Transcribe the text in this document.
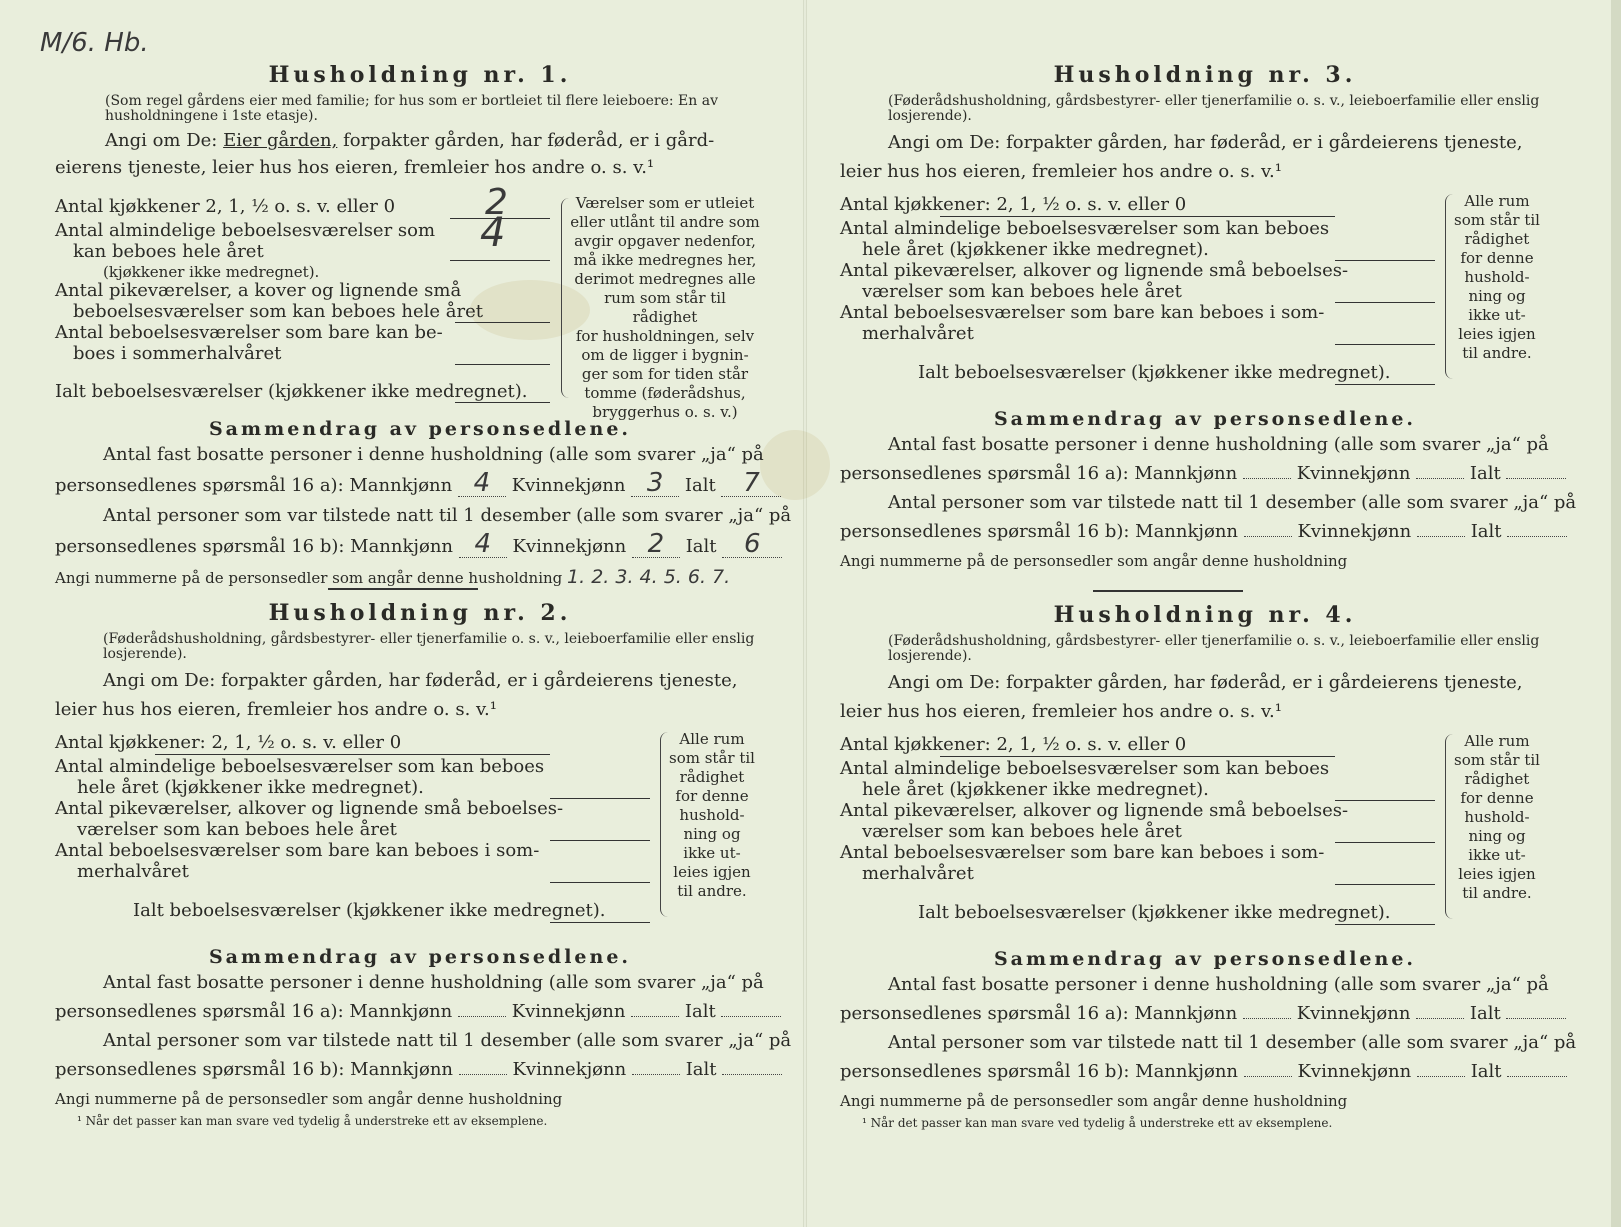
M/6. Hb.

Husholdning nr. 1.

(Som regel gårdens eier med familie; for hus som er bortleiet til flere leieboere: En av husholdningene i 1ste etasje).

Angi om De: Eier gården, forpakter gården, har føderåd, er i gård-

eierens tjeneste, leier hus hos eieren, fremleier hos andre o. s. v.¹

Antal kjøkkener 2, 1, ½ o. s. v. eller 0 2

Antal almindelige beboelsesværelser som

kan beboes hele året

(kjøkkener ikke medregnet).

4

Antal pikeværelser, a kover og lignende små

beboelsesværelser som kan beboes hele året

Antal beboelsesværelser som bare kan be-

boes i sommerhalvåret

Ialt beboelsesværelser (kjøkkener ikke medregnet).

Værelser som er utleiet
eller utlånt til andre som
avgir opgaver nedenfor,
må ikke medregnes her,
derimot medregnes alle
rum som står til rådighet
for husholdningen, selv
om de ligger i bygnin-
ger som for tiden står
tomme (føderådshus,
bryggerhus o. s. v.)

Sammendrag av personsedlene.

Antal fast bosatte personer i denne husholdning (alle som svarer „ja“ på

personsedlenes spørsmål 16 a): Mannkjønn 4 Kvinnekjønn 3 Ialt 7

Antal personer som var tilstede natt til 1 desember (alle som svarer „ja“ på

personsedlenes spørsmål 16 b): Mannkjønn 4 Kvinnekjønn 2 Ialt 6

Angi nummerne på de personsedler som angår denne husholdning 1. 2. 3. 4. 5. 6. 7.

Husholdning nr. 2.

(Føderådshusholdning, gårdsbestyrer- eller tjenerfamilie o. s. v., leieboerfamilie eller enslig losjerende).

Angi om De: forpakter gården, har føderåd, er i gårdeierens tjeneste,

leier hus hos eieren, fremleier hos andre o. s. v.¹

Antal kjøkkener: 2, 1, ½ o. s. v. eller 0

Antal almindelige beboelsesværelser som kan beboes

hele året (kjøkkener ikke medregnet).

Antal pikeværelser, alkover og lignende små beboelses-

værelser som kan beboes hele året

Antal beboelsesværelser som bare kan beboes i som-

merhalvåret

Ialt beboelsesværelser (kjøkkener ikke medregnet).

Alle rum
som står til
rådighet
for denne
hushold-
ning og
ikke ut-
leies igjen
til andre.

Sammendrag av personsedlene.

Antal fast bosatte personer i denne husholdning (alle som svarer „ja“ på

personsedlenes spørsmål 16 a): Mannkjønn	Kvinnekjønn	Ialt

Antal personer som var tilstede natt til 1 desember (alle som svarer „ja“ på

personsedlenes spørsmål 16 b): Mannkjønn	Kvinnekjønn	Ialt

Angi nummerne på de personsedler som angår denne husholdning

¹ Når det passer kan man svare ved tydelig å understreke ett av eksemplene.

Husholdning nr. 3.

(Føderådshusholdning, gårdsbestyrer- eller tjenerfamilie o. s. v., leieboerfamilie eller enslig losjerende).

Angi om De: forpakter gården, har føderåd, er i gårdeierens tjeneste,

leier hus hos eieren, fremleier hos andre o. s. v.¹

Antal kjøkkener: 2, 1, ½ o. s. v. eller 0

Antal almindelige beboelsesværelser som kan beboes

hele året (kjøkkener ikke medregnet).

Antal pikeværelser, alkover og lignende små beboelses-

værelser som kan beboes hele året

Antal beboelsesværelser som bare kan beboes i som-

merhalvåret

Ialt beboelsesværelser (kjøkkener ikke medregnet).

Alle rum
som står til
rådighet
for denne
hushold-
ning og
ikke ut-
leies igjen
til andre.

Sammendrag av personsedlene.

Antal fast bosatte personer i denne husholdning (alle som svarer „ja“ på

personsedlenes spørsmål 16 a): Mannkjønn	Kvinnekjønn	Ialt

Antal personer som var tilstede natt til 1 desember (alle som svarer „ja“ på

personsedlenes spørsmål 16 b): Mannkjønn	Kvinnekjønn	Ialt

Angi nummerne på de personsedler som angår denne husholdning

Husholdning nr. 4.

(Føderådshusholdning, gårdsbestyrer- eller tjenerfamilie o. s. v., leieboerfamilie eller enslig losjerende).

Angi om De: forpakter gården, har føderåd, er i gårdeierens tjeneste,

leier hus hos eieren, fremleier hos andre o. s. v.¹

Antal kjøkkener: 2, 1, ½ o. s. v. eller 0

Antal almindelige beboelsesværelser som kan beboes

hele året (kjøkkener ikke medregnet).

Antal pikeværelser, alkover og lignende små beboelses-

værelser som kan beboes hele året

Antal beboelsesværelser som bare kan beboes i som-

merhalvåret

Ialt beboelsesværelser (kjøkkener ikke medregnet).

Alle rum
som står til
rådighet
for denne
hushold-
ning og
ikke ut-
leies igjen
til andre.

Sammendrag av personsedlene.

Antal fast bosatte personer i denne husholdning (alle som svarer „ja“ på

personsedlenes spørsmål 16 a): Mannkjønn	Kvinnekjønn	Ialt

Antal personer som var tilstede natt til 1 desember (alle som svarer „ja“ på

personsedlenes spørsmål 16 b): Mannkjønn	Kvinnekjønn	Ialt

Angi nummerne på de personsedler som angår denne husholdning

¹ Når det passer kan man svare ved tydelig å understreke ett av eksemplene.
